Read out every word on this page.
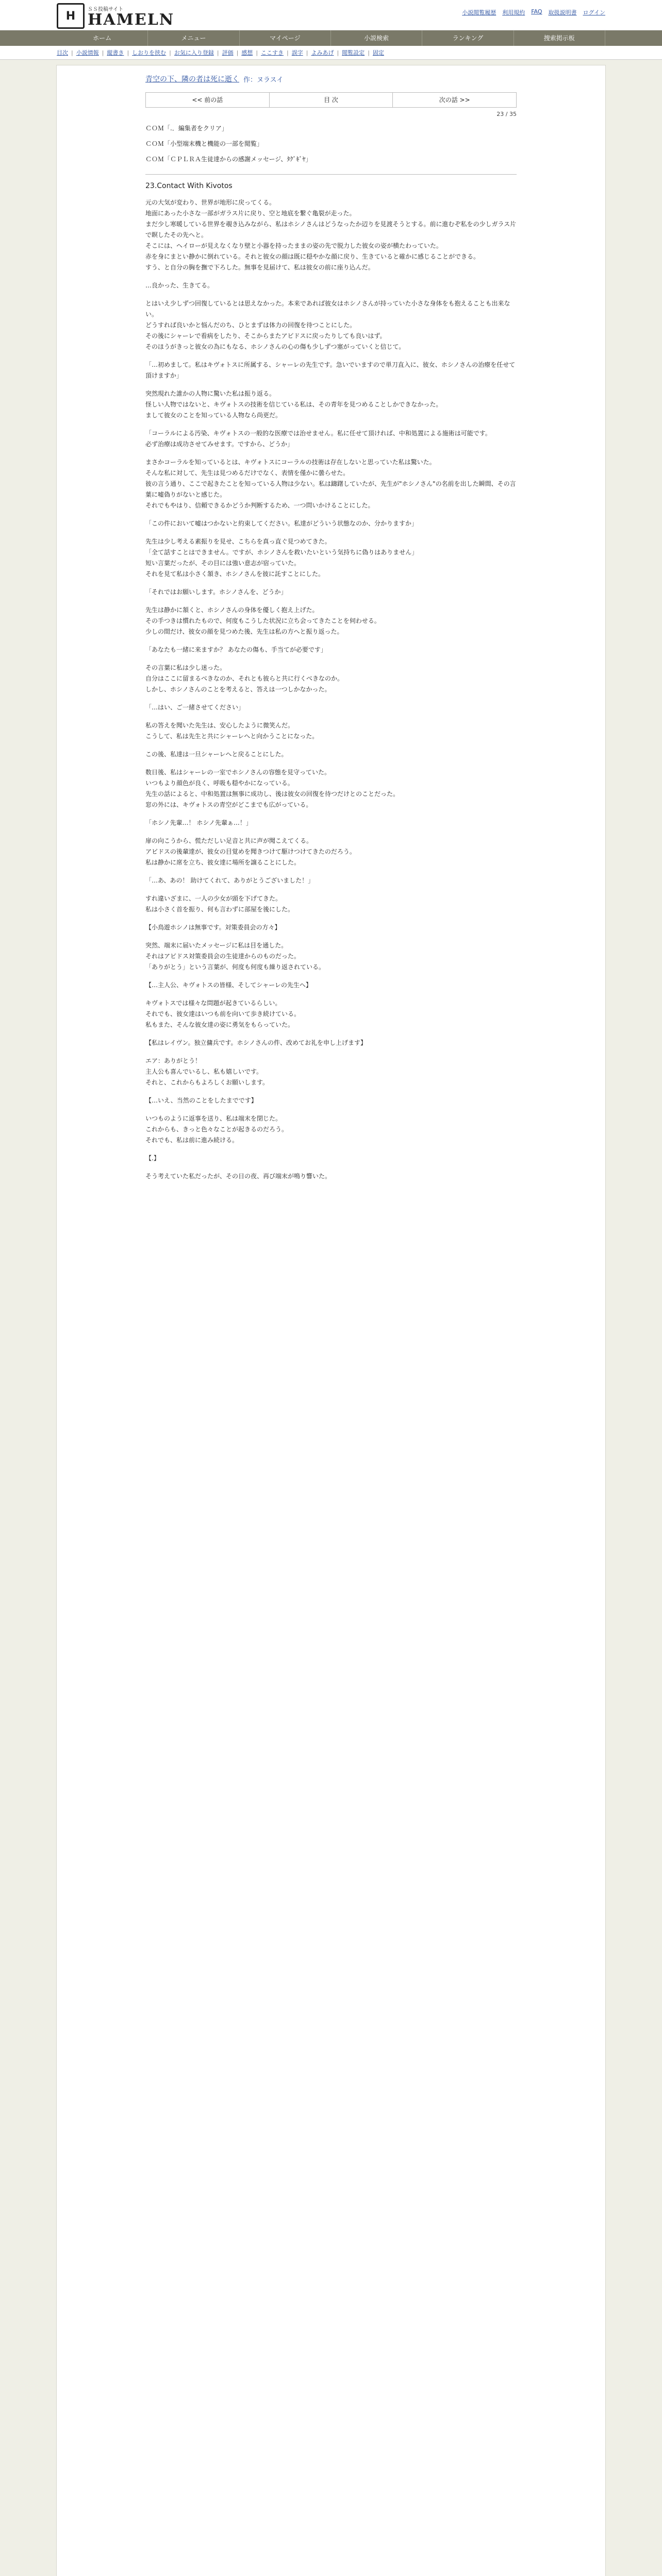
H
ＳＳ投稿サイト
HAMELN	小説閲覧履歴 利用規約 FAQ 取扱説明書 ログイン
ホーム	メニュー	マイページ	小説検索	ランキング	捜索掲示板
目次 | 小説情報 | 縦書き | しおりを挟む | お気に入り登録 | 評価 | 感想 | ここすき | 誤字 | よみあげ | 閲覧設定 | 固定
青空の下、隣の者は死に逝く 作：ヌラスイ
<< 前の話	目 次	次の話 >>
23 / 35
ＣＯＭ「.．編集者をクリア」
ＣＯＭ「小型端末機と機能の一部を閲覧」
ＣＯＭ「ＣＰＬＲＡ生徒達からの感謝メッセージ、ﾀｸﾞｷﾞﾔ」
23.Contact With Kivotos

元の大気が変わり、世界が地形に戻ってくる。
地面にあった小さな一部がガラス片に戻り、空と地底を繋ぐ亀裂が走った。
まだ少し寒暖している世界を覗き込みながら、私はホシノさんはどうなったか辺りを見渡そうとする。前に進むぞ私をの少しガラス片で瞑したその先へと。
そこには、ヘイローが見えなくなり壁と小器を持ったままの姿の先で脱力した彼女の姿が横たわっていた。
赤を身にまとい静かに倒れている。それと彼女の顔は既に穏やかな顔に戻り、生きていると確かに感じることができる。
すう、と自分の胸を撫で下ろした。無事を見届けて、私は彼女の前に座り込んだ。

…良かった、生きてる。

とはいえ少しずつ回復しているとは思えなかった。本来であれば彼女はホシノさんが持っていた小さな身体をも抱えることも出来ない。
どうすれば良いかと悩んだのち、ひとまずは体力の回復を待つことにした。
その後にシャーレで看病をしたり、そこからまたアビドスに戻ったりしても良いはず。
そのほうがきっと彼女の為にもなる、ホシノさんの心の傷も少しずつ塞がっていくと信じて。

「…初めまして。私はキヴォトスに所属する、シャーレの先生です。急いでいますので単刀直入に、彼女、ホシノさんの治療を任せて頂けますか」

突然現れた誰かの人物に驚いた私は振り返る。
怪しい人物ではないと、キヴォトスの技術を信じている私は、その青年を見つめることしかできなかった。
まして彼女のことを知っている人物なら尚更だ。

「コーラルによる汚染、キヴォトスの一般的な医療では治せません。私に任せて頂ければ、中和処置による施術は可能です。
必ず治療は成功させてみせます。ですから、どうか」

まさかコーラルを知っているとは、キヴォトスにコーラルの技術は存在しないと思っていた私は驚いた。
そんな私に対して、先生は見つめるだけでなく、表情を僅かに曇らせた。
彼の言う通り、ここで起きたことを知っている人物は少ない。私は躊躇していたが、先生が"ホシノさん"の名前を出した瞬間、その言葉に嘘偽りがないと感じた。
それでもやはり、信頼できるかどうか判断するため、一つ問いかけることにした。

「この件において嘘はつかないと約束してください。私達がどういう状態なのか、分かりますか」

先生は少し考える素振りを見せ、こちらを真っ直ぐ見つめてきた。
「全て話すことはできません。ですが、ホシノさんを救いたいという気持ちに偽りはありません」
短い言葉だったが、その目には強い意志が宿っていた。
それを見て私は小さく頷き、ホシノさんを彼に託すことにした。

「それではお願いします。ホシノさんを、どうか」

先生は静かに頷くと、ホシノさんの身体を優しく抱え上げた。
その手つきは慣れたもので、何度もこうした状況に立ち会ってきたことを伺わせる。
少しの間だけ、彼女の顔を見つめた後、先生は私の方へと振り返った。

「あなたも一緒に来ますか？ あなたの傷も、手当てが必要です」

その言葉に私は少し迷った。
自分はここに留まるべきなのか、それとも彼らと共に行くべきなのか。
しかし、ホシノさんのことを考えると、答えは一つしかなかった。

「…はい、ご一緒させてください」

私の答えを聞いた先生は、安心したように微笑んだ。
こうして、私は先生と共にシャーレへと向かうことになった。

この後、私達は一旦シャーレへと戻ることにした。

数日後、私はシャーレの一室でホシノさんの容態を見守っていた。
いつもより顔色が良く、呼吸も穏やかになっている。
先生の話によると、中和処置は無事に成功し、後は彼女の回復を待つだけとのことだった。
窓の外には、キヴォトスの青空がどこまでも広がっている。

「ホシノ先輩…！ ホシノ先輩ぁ…！」

扉の向こうから、慌ただしい足音と共に声が聞こえてくる。
アビドスの後輩達が、彼女の目覚めを聞きつけて駆けつけてきたのだろう。
私は静かに席を立ち、彼女達に場所を譲ることにした。

「…あ、あの！ 助けてくれて、ありがとうございました！」

すれ違いざまに、一人の少女が頭を下げてきた。
私は小さく首を振り、何も言わずに部屋を後にした。

【小鳥遊ホシノは無事です。対策委員会の方々】

突然、端末に届いたメッセージに私は目を通した。
それはアビドス対策委員会の生徒達からのものだった。
「ありがとう」という言葉が、何度も何度も繰り返されている。

【…主人公、キヴォトスの皆様、そしてシャーレの先生へ】

キヴォトスでは様々な問題が起きているらしい。
それでも、彼女達はいつも前を向いて歩き続けている。
私もまた、そんな彼女達の姿に勇気をもらっていた。

【私はレイヴン。独立傭兵です。ホシノさんの件、改めてお礼を申し上げます】

エア：ありがとう！
主人公も喜んでいるし、私も嬉しいです。
それと、これからもよろしくお願いします。

【…いえ、当然のことをしたまでです】

いつものように返事を送り、私は端末を閉じた。
これからも、きっと色々なことが起きるのだろう。
それでも、私は前に進み続ける。

【.】

そう考えていた私だったが、その日の夜、再び端末が鳴り響いた。
